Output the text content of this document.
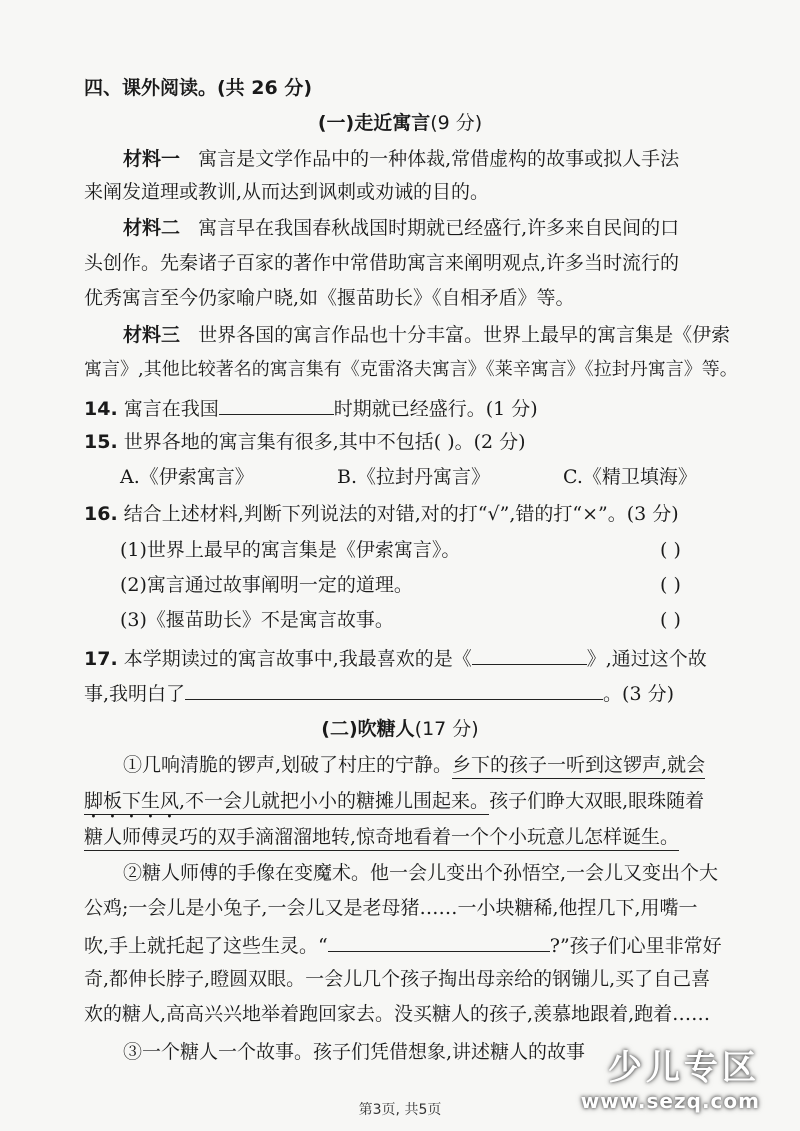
四、课外阅读。(共 26 分)
(一)走近寓言(9 分)
材料一 寓言是文学作品中的一种体裁,常借虚构的故事或拟人手法
来阐发道理或教训,从而达到讽刺或劝诫的目的。
材料二 寓言早在我国春秋战国时期就已经盛行,许多来自民间的口
头创作。先秦诸子百家的著作中常借助寓言来阐明观点,许多当时流行的
优秀寓言至今仍家喻户晓,如《揠苗助长》《自相矛盾》等。
材料三 世界各国的寓言作品也十分丰富。世界上最早的寓言集是《伊索
寓言》,其他比较著名的寓言集有《克雷洛夫寓言》《莱辛寓言》《拉封丹寓言》等。
14. 寓言在我国	时期就已经盛行。(1 分)
15. 世界各地的寓言集有很多,其中不包括( )。(2 分)
A.《伊索寓言》	B.《拉封丹寓言》	C.《精卫填海》
16. 结合上述材料,判断下列说法的对错,对的打“√”,错的打“×”。(3 分)
(1)世界上最早的寓言集是《伊索寓言》。	( )
(2)寓言通过故事阐明一定的道理。	( )
(3)《揠苗助长》不是寓言故事。	( )
17. 本学期读过的寓言故事中,我最喜欢的是《	》,通过这个故
事,我明白了	。(3 分)
(二)吹糖人(17 分)
①几响清脆的锣声,划破了村庄的宁静。乡下的孩子一听到这锣声,就会
脚板下生风,不一会儿就把小小的糖摊儿围起来。孩子们睁大双眼,眼珠随着
糖人师傅灵巧的双手滴溜溜地转,惊奇地看着一个个小玩意儿怎样诞生。
②糖人师傅的手像在变魔术。他一会儿变出个孙悟空,一会儿又变出个大
公鸡;一会儿是小兔子,一会儿又是老母猪……一小块糖稀,他捏几下,用嘴一
吹,手上就托起了这些生灵。“	?”孩子们心里非常好
奇,都伸长脖子,瞪圆双眼。一会儿几个孩子掏出母亲给的钢镚儿,买了自己喜
欢的糖人,高高兴兴地举着跑回家去。没买糖人的孩子,羡慕地跟着,跑着……
③一个糖人一个故事。孩子们凭借想象,讲述糖人的故事 少儿专区
www.sezq.com
第3页, 共5页
